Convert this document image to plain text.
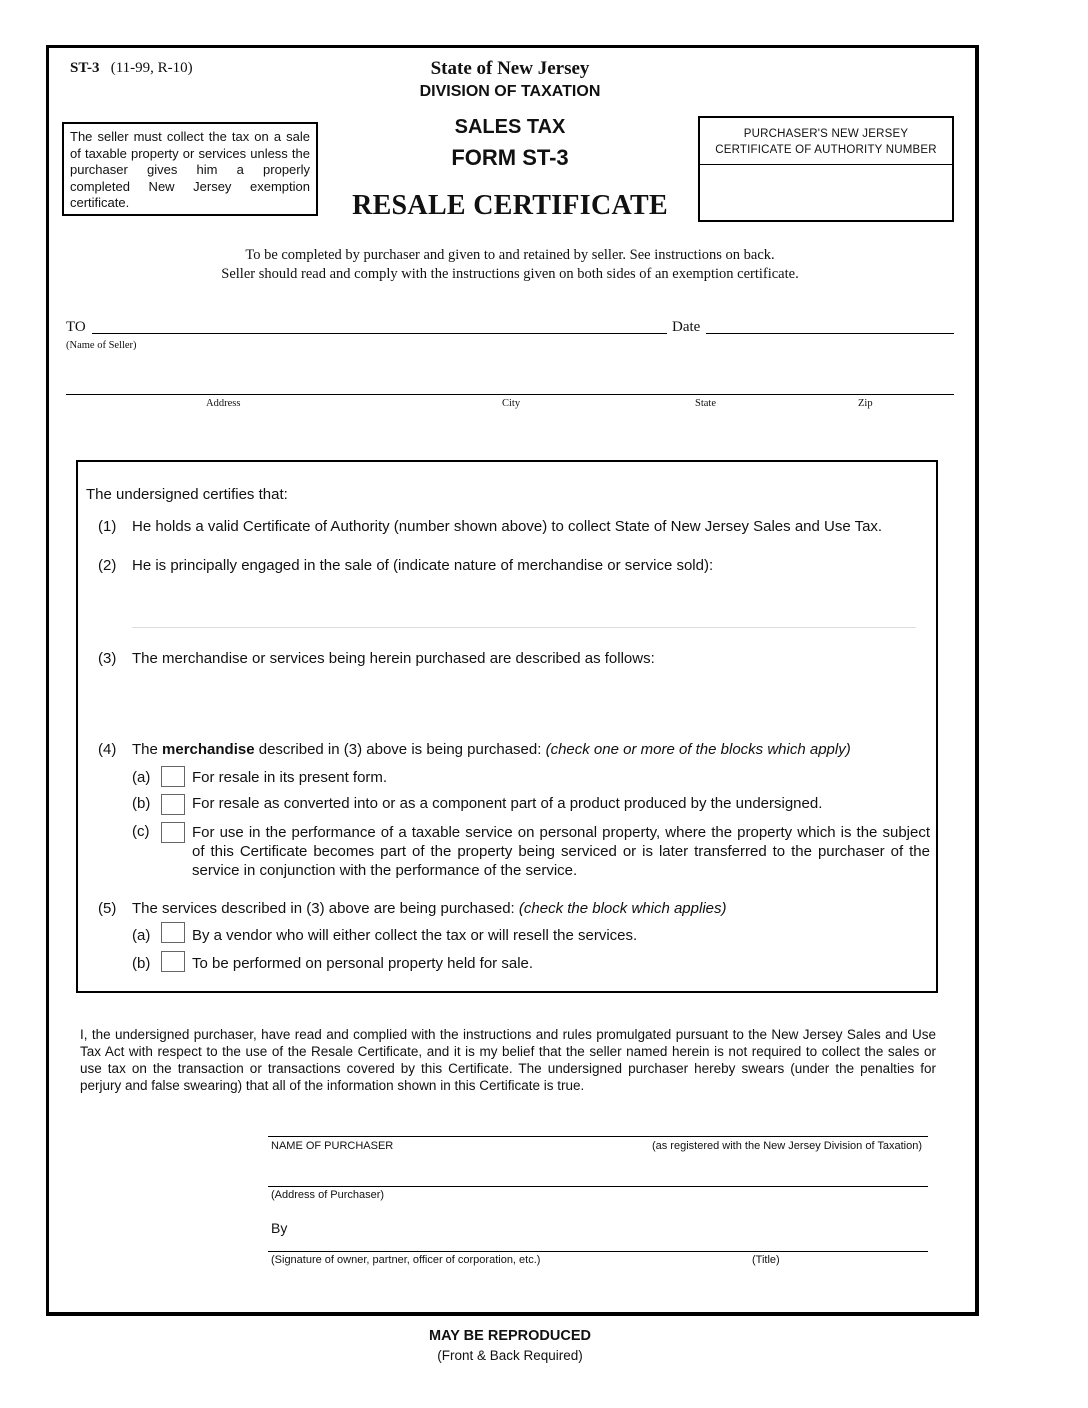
ST-3 (11-99, R-10)	State of New Jersey
DIVISION OF TAXATION
The seller must collect the tax on a sale of taxable property or services unless the purchaser gives him a properly completed New Jersey exemption certificate.
SALES TAX
FORM ST-3
RESALE CERTIFICATE
PURCHASER'S NEW JERSEY
CERTIFICATE OF AUTHORITY NUMBER
To be completed by purchaser and given to and retained by seller. See instructions on back.
Seller should read and comply with the instructions given on both sides of an exemption certificate.
TO	Date
(Name of Seller)
Address	City	State	Zip
The undersigned certifies that:
(1) He holds a valid Certificate of Authority (number shown above) to collect State of New Jersey Sales and Use Tax.
(2) He is principally engaged in the sale of (indicate nature of merchandise or service sold):
(3) The merchandise or services being herein purchased are described as follows:
(4) The merchandise described in (3) above is being purchased: (check one or more of the blocks which apply)
(a)	For resale in its present form.
(b)	For resale as converted into or as a component part of a product produced by the undersigned.
(c)	For use in the performance of a taxable service on personal property, where the property which is the subject of this Certificate becomes part of the property being serviced or is later transferred to the purchaser of the service in conjunction with the performance of the service.
(5) The services described in (3) above are being purchased: (check the block which applies)
(a)	By a vendor who will either collect the tax or will resell the services.
(b)	To be performed on personal property held for sale.
I, the undersigned purchaser, have read and complied with the instructions and rules promulgated pursuant to the New Jersey Sales and Use Tax Act with respect to the use of the Resale Certificate, and it is my belief that the seller named herein is not required to collect the sales or use tax on the transaction or transactions covered by this Certificate. The undersigned purchaser hereby swears (under the penalties for perjury and false swearing) that all of the information shown in this Certificate is true.
NAME OF PURCHASER	(as registered with the New Jersey Division of Taxation)
(Address of Purchaser)
By
(Signature of owner, partner, officer of corporation, etc.)	(Title)
MAY BE REPRODUCED
(Front & Back Required)
